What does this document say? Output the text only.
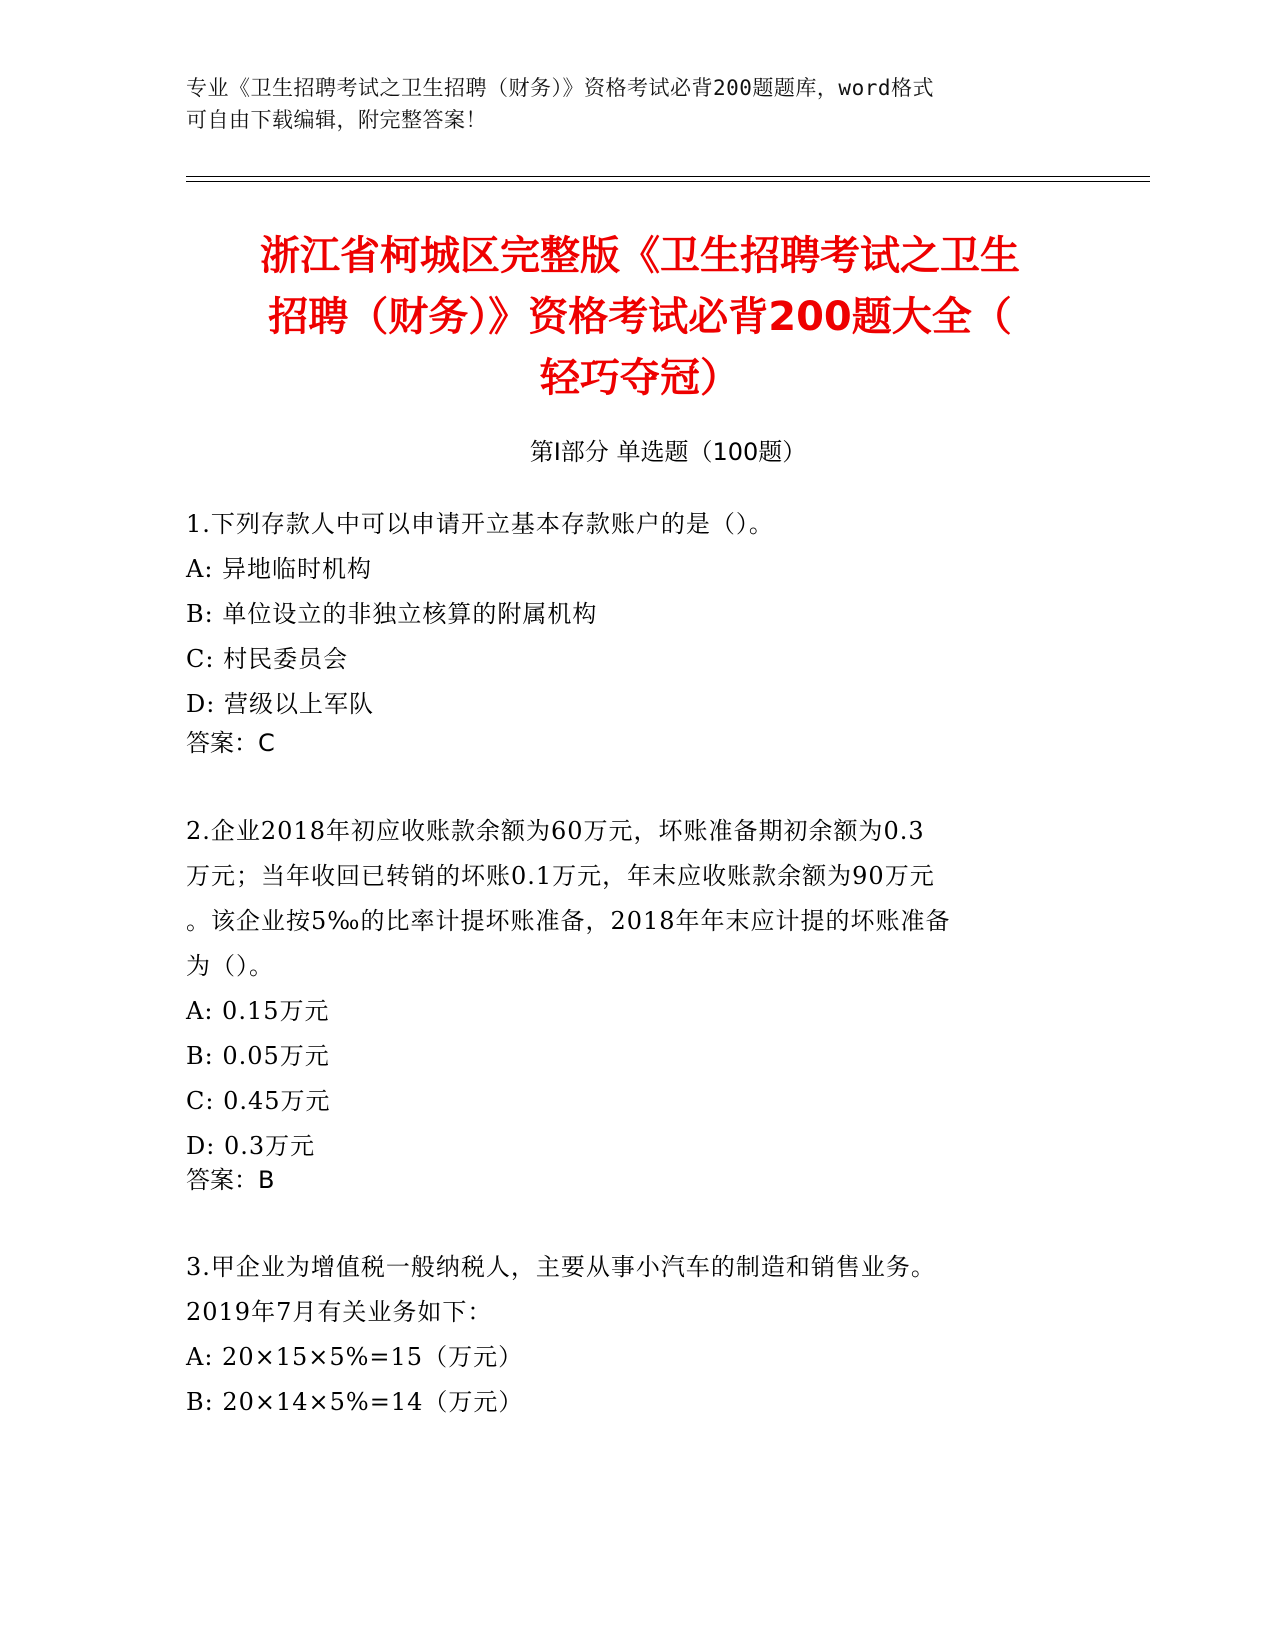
专业《卫生招聘考试之卫生招聘（财务）》资格考试必背200题题库，word格式
可自由下载编辑，附完整答案！
浙江省柯城区完整版《卫生招聘考试之卫生
招聘（财务）》资格考试必背200题大全（
轻巧夺冠）
第Ⅰ部分 单选题（100题）
1.下列存款人中可以申请开立基本存款账户的是（）。
A: 异地临时机构
B: 单位设立的非独立核算的附属机构
C: 村民委员会
D: 营级以上军队
答案：C
2.企业2018年初应收账款余额为60万元，坏账准备期初余额为0.3
万元；当年收回已转销的坏账0.1万元，年末应收账款余额为90万元
。该企业按5‰的比率计提坏账准备，2018年年末应计提的坏账准备
为（）。
A: 0.15万元
B: 0.05万元
C: 0.45万元
D: 0.3万元
答案：B
3.甲企业为增值税一般纳税人，主要从事小汽车的制造和销售业务。
2019年7月有关业务如下：
A: 20×15×5%=15（万元）
B: 20×14×5%=14（万元）
